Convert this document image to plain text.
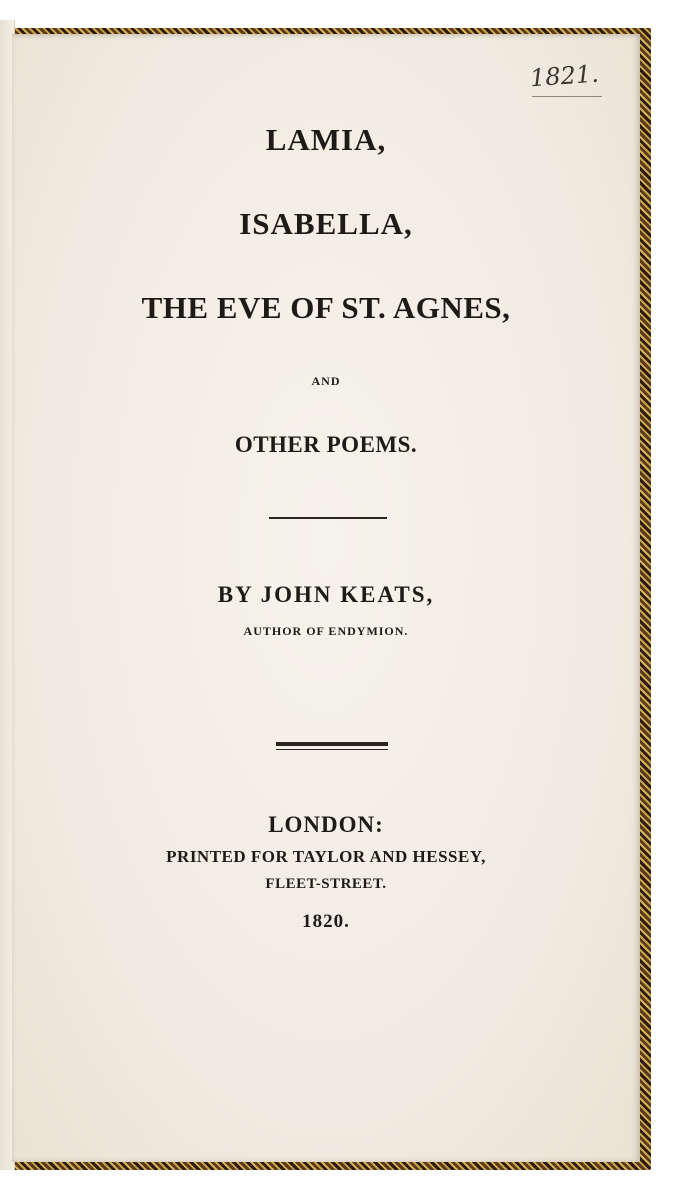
1821.
LAMIA,
ISABELLA,
THE EVE OF ST. AGNES,
AND
OTHER POEMS.
BY JOHN KEATS,
AUTHOR OF ENDYMION.
LONDON:
PRINTED FOR TAYLOR AND HESSEY,
FLEET-STREET.
1820.
